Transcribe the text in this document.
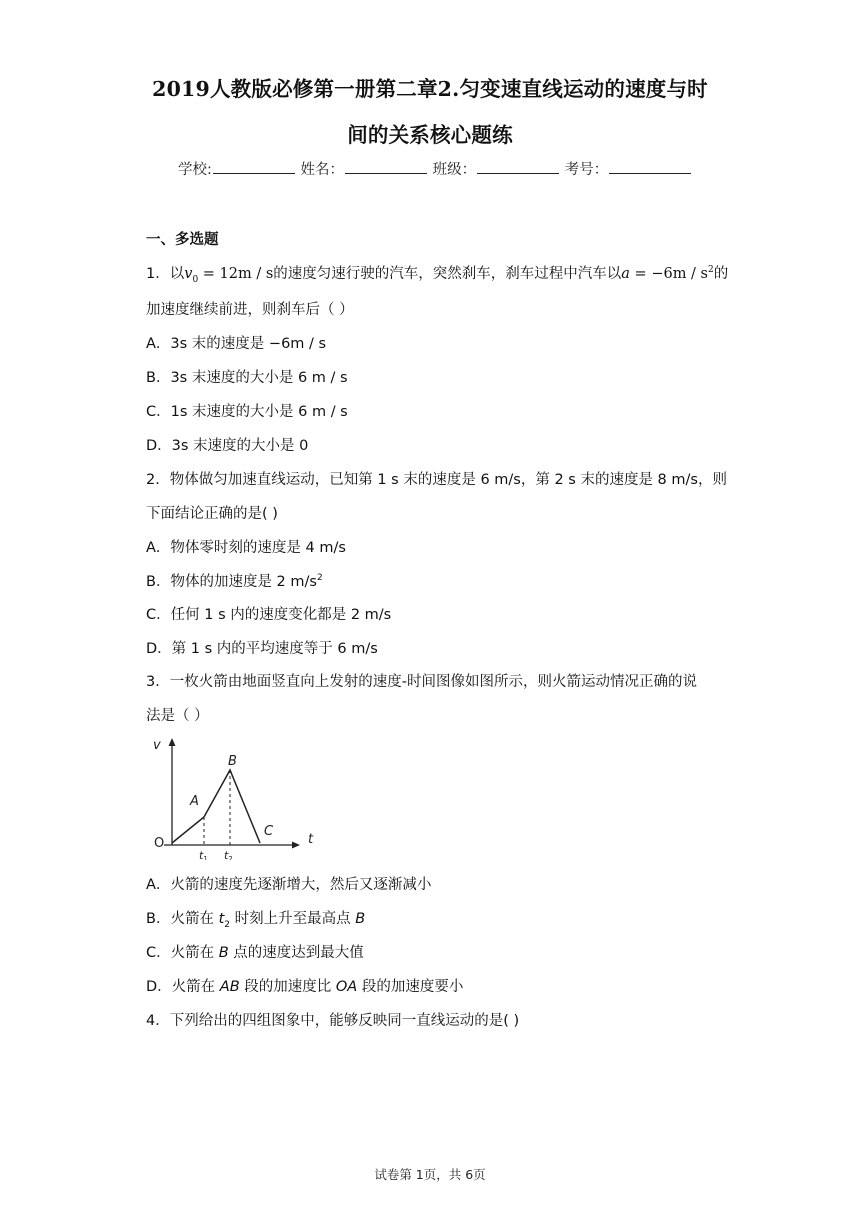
2019人教版必修第一册第二章2.匀变速直线运动的速度与时
间的关系核心题练
学校:	姓名：	班级：	考号：
一、多选题
1．以$v_0 = 12m / s$的速度匀速行驶的汽车，突然刹车，刹车过程中汽车以$a = -6m / s^2$的
加速度继续前进，则刹车后（ ）
A．3s 末的速度是 −6m / s
B．3s 末速度的大小是 6 m / s
C．1s 末速度的大小是 6 m / s
D．3s 末速度的大小是 0
2．物体做匀加速直线运动，已知第 1 s 末的速度是 6 m/s，第 2 s 末的速度是 8 m/s，则
下面结论正确的是( )
A．物体零时刻的速度是 4 m/s
B．物体的加速度是 2 $m/s^2$
C．任何 1 s 内的速度变化都是 2 m/s
D．第 1 s 内的平均速度等于 6 m/s
3．一枚火箭由地面竖直向上发射的速度-时间图像如图所示，则火箭运动情况正确的说
法是（ ）
v
t
O
A
B
C
t1 t2
A．火箭的速度先逐渐增大，然后又逐渐减小
B．火箭在 $t_2$ 时刻上升至最高点 B
C．火箭在 B 点的速度达到最大值
D．火箭在 AB 段的加速度比 OA 段的加速度要小
4．下列给出的四组图象中，能够反映同一直线运动的是( )
试卷第 1页，共 6页
